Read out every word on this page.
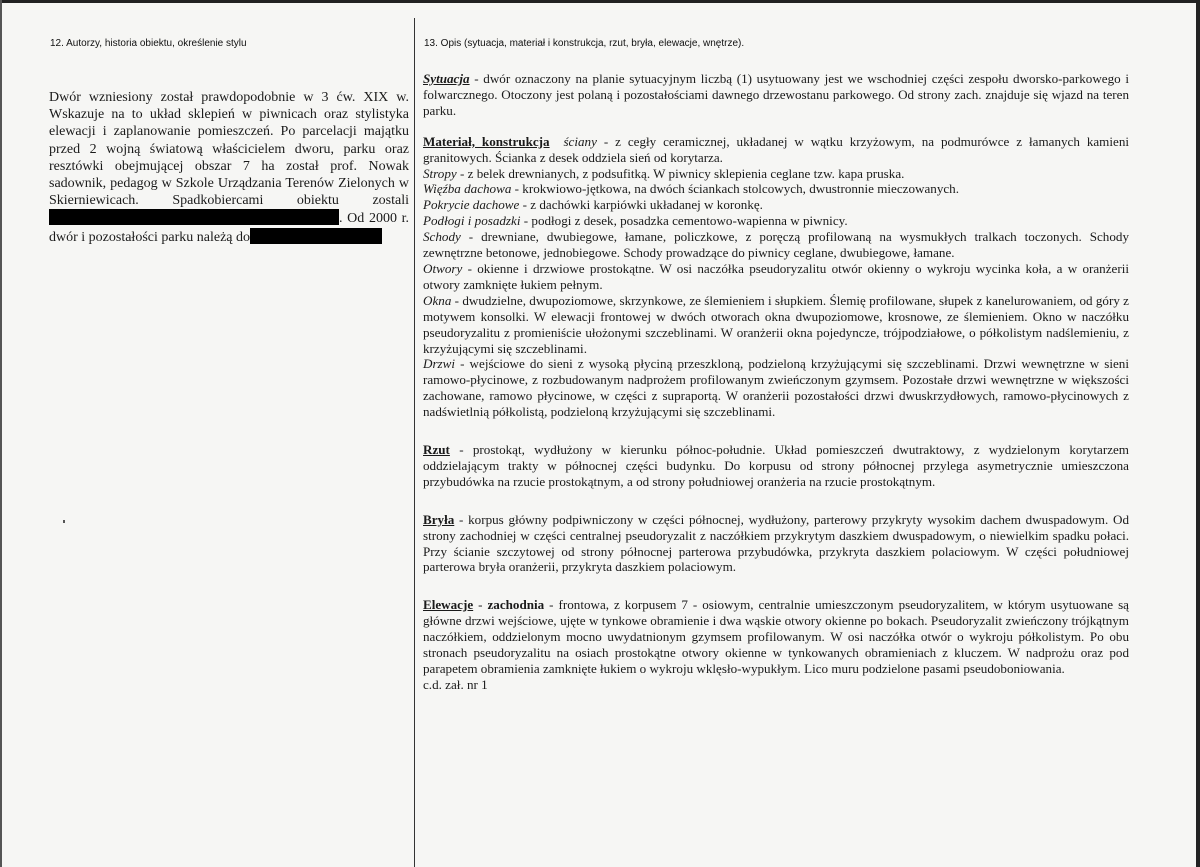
12. Autorzy, historia obiektu, określenie stylu	13. Opis (sytuacja, materiał i konstrukcja, rzut, bryła, elewacje, wnętrze).

Dwór wzniesiony został prawdopodobnie w 3 ćw. XIX w. Wskazuje na to układ sklepień w piwnicach oraz stylistyka elewacji i zaplanowanie pomieszczeń. Po parcelacji majątku przed 2 wojną światową właścicielem dworu, parku oraz resztówki obejmującej obszar 7 ha został prof. Nowak sadownik, pedagog w Szkole Urządzania Terenów Zielonych w Skierniewicach. Spadkobiercami obiektu zostali . Od 2000 r. dwór i pozostałości parku należą do

Sytuacja - dwór oznaczony na planie sytuacyjnym liczbą (1) usytuowany jest we wschodniej części zespołu dworsko-parkowego i folwarcznego. Otoczony jest polaną i pozostałościami dawnego drzewostanu parkowego. Od strony zach. znajduje się wjazd na teren parku.

Materiał, konstrukcja ściany - z cegły ceramicznej, układanej w wątku krzyżowym, na podmurówce z łamanych kamieni granitowych. Ścianka z desek oddziela sień od korytarza.

Stropy - z belek drewnianych, z podsufitką. W piwnicy sklepienia ceglane tzw. kapa pruska.

Więźba dachowa - krokwiowo-jętkowa, na dwóch ściankach stolcowych, dwustronnie mieczowanych.

Pokrycie dachowe - z dachówki karpiówki układanej w koronkę.

Podłogi i posadzki - podłogi z desek, posadzka cementowo-wapienna w piwnicy.

Schody - drewniane, dwubiegowe, łamane, policzkowe, z poręczą profilowaną na wysmukłych tralkach toczonych. Schody zewnętrzne betonowe, jednobiegowe. Schody prowadzące do piwnicy ceglane, dwubiegowe, łamane.

Otwory - okienne i drzwiowe prostokątne. W osi naczółka pseudoryzalitu otwór okienny o wykroju wycinka koła, a w oranżerii otwory zamknięte łukiem pełnym.

Okna - dwudzielne, dwupoziomowe, skrzynkowe, ze ślemieniem i słupkiem. Ślemię profilowane, słupek z kanelurowaniem, od góry z motywem konsolki. W elewacji frontowej w dwóch otworach okna dwupoziomowe, krosnowe, ze ślemieniem. Okno w naczółku pseudoryzalitu z promieniście ułożonymi szczeblinami. W oranżerii okna pojedyncze, trójpodziałowe, o półkolistym nadślemieniu, z krzyżującymi się szczeblinami.

Drzwi - wejściowe do sieni z wysoką płyciną przeszkloną, podzieloną krzyżującymi się szczeblinami. Drzwi wewnętrzne w sieni ramowo-płycinowe, z rozbudowanym nadprożem profilowanym zwieńczonym gzymsem. Pozostałe drzwi wewnętrzne w większości zachowane, ramowo płycinowe, w części z supraportą. W oranżerii pozostałości drzwi dwuskrzydłowych, ramowo-płycinowych z nadświetlnią półkolistą, podzieloną krzyżującymi się szczeblinami.

Rzut - prostokąt, wydłużony w kierunku północ-południe. Układ pomieszczeń dwutraktowy, z wydzielonym korytarzem oddzielającym trakty w północnej części budynku. Do korpusu od strony północnej przylega asymetrycznie umieszczona przybudówka na rzucie prostokątnym, a od strony południowej oranżeria na rzucie prostokątnym.

Bryła - korpus główny podpiwniczony w części północnej, wydłużony, parterowy przykryty wysokim dachem dwuspadowym. Od strony zachodniej w części centralnej pseudoryzalit z naczółkiem przykrytym daszkiem dwuspadowym, o niewielkim spadku połaci. Przy ścianie szczytowej od strony północnej parterowa przybudówka, przykryta daszkiem polaciowym. W części południowej parterowa bryła oranżerii, przykryta daszkiem polaciowym.

Elewacje - zachodnia - frontowa, z korpusem 7 - osiowym, centralnie umieszczonym pseudoryzalitem, w którym usytuowane są główne drzwi wejściowe, ujęte w tynkowe obramienie i dwa wąskie otwory okienne po bokach. Pseudoryzalit zwieńczony trójkątnym naczółkiem, oddzielonym mocno uwydatnionym gzymsem profilowanym. W osi naczółka otwór o wykroju półkolistym. Po obu stronach pseudoryzalitu na osiach prostokątne otwory okienne w tynkowanych obramieniach z kluczem. W nadprożu oraz pod parapetem obramienia zamknięte łukiem o wykroju wklęsło-wypukłym. Lico muru podzielone pasami pseudoboniowania.

c.d. zał. nr 1
